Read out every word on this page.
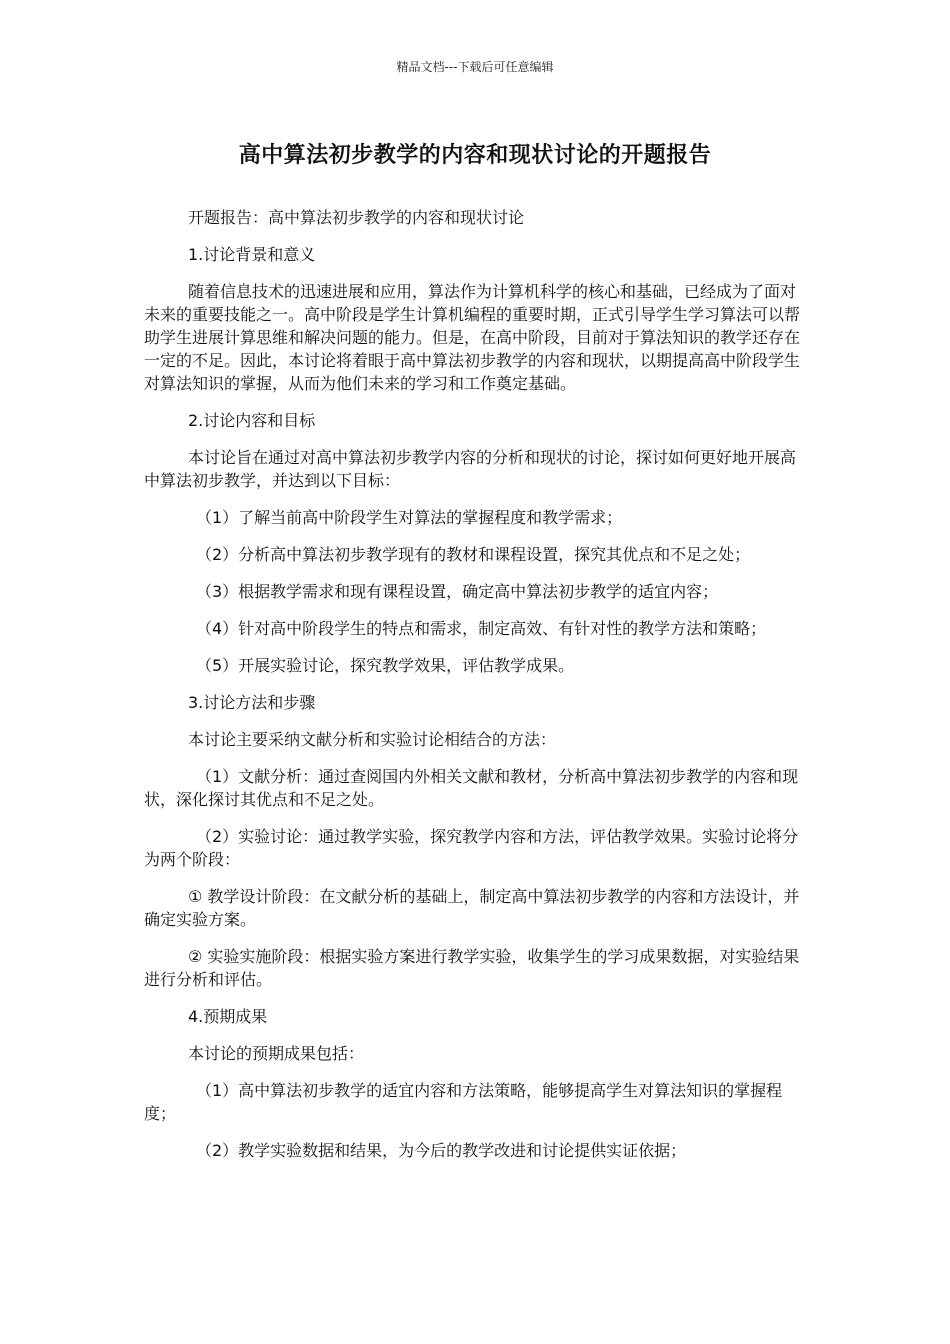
精品文档---下载后可任意编辑
高中算法初步教学的内容和现状讨论的开题报告

开题报告：高中算法初步教学的内容和现状讨论

1.讨论背景和意义

随着信息技术的迅速进展和应用，算法作为计算机科学的核心和基础，已经成为了面对未来的重要技能之一。高中阶段是学生计算机编程的重要时期，正式引导学生学习算法可以帮助学生进展计算思维和解决问题的能力。但是，在高中阶段，目前对于算法知识的教学还存在一定的不足。因此，本讨论将着眼于高中算法初步教学的内容和现状，以期提高高中阶段学生对算法知识的掌握，从而为他们未来的学习和工作奠定基础。

2.讨论内容和目标

本讨论旨在通过对高中算法初步教学内容的分析和现状的讨论，探讨如何更好地开展高中算法初步教学，并达到以下目标：

（1）了解当前高中阶段学生对算法的掌握程度和教学需求；

（2）分析高中算法初步教学现有的教材和课程设置，探究其优点和不足之处；

（3）根据教学需求和现有课程设置，确定高中算法初步教学的适宜内容；

（4）针对高中阶段学生的特点和需求，制定高效、有针对性的教学方法和策略；

（5）开展实验讨论，探究教学效果，评估教学成果。

3.讨论方法和步骤

本讨论主要采纳文献分析和实验讨论相结合的方法：

（1）文献分析：通过查阅国内外相关文献和教材，分析高中算法初步教学的内容和现状，深化探讨其优点和不足之处。

（2）实验讨论：通过教学实验，探究教学内容和方法，评估教学效果。实验讨论将分为两个阶段：

① 教学设计阶段：在文献分析的基础上，制定高中算法初步教学的内容和方法设计，并确定实验方案。

② 实验实施阶段：根据实验方案进行教学实验，收集学生的学习成果数据，对实验结果进行分析和评估。

4.预期成果

本讨论的预期成果包括：

（1）高中算法初步教学的适宜内容和方法策略，能够提高学生对算法知识的掌握程度；

（2）教学实验数据和结果，为今后的教学改进和讨论提供实证依据；
